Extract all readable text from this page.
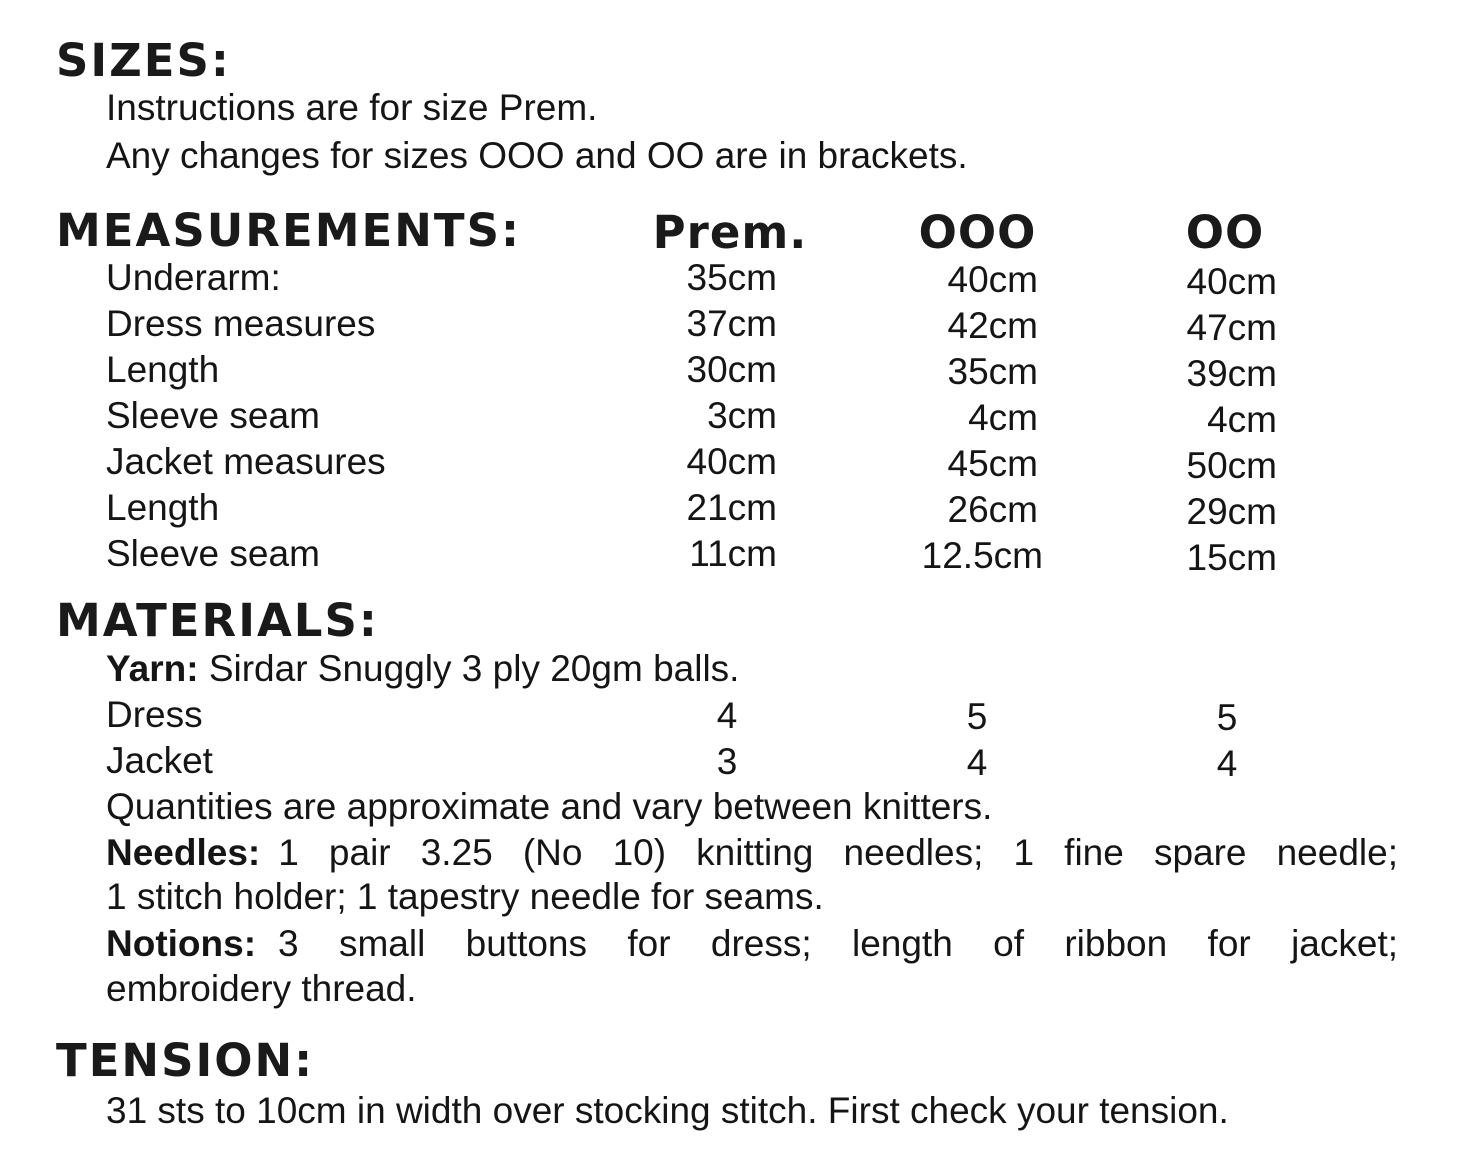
SIZES:
Instructions are for size Prem.
Any changes for sizes OOO and OO are in brackets.
MEASUREMENTS:	Prem.	OOO	OO
Underarm:	35cm	40cm	40cm
Dress measures	37cm	42cm	47cm
Length	30cm	35cm	39cm
Sleeve seam	3cm	4cm	4cm
Jacket measures	40cm	45cm	50cm
Length	21cm	26cm	29cm
Sleeve seam	11cm	12.5cm	15cm
MATERIALS:
Yarn: Sirdar Snuggly 3 ply 20gm balls.
Dress	4	5	5
Jacket	3	4	4
Quantities are approximate and vary between knitters.
Needles: 1 pair 3.25 (No 10) knitting needles; 1 fine spare needle;
1 stitch holder; 1 tapestry needle for seams.
Notions: 3 small buttons for dress; length of ribbon for jacket;
embroidery thread.
TENSION:
31 sts to 10cm in width over stocking stitch. First check your tension.
